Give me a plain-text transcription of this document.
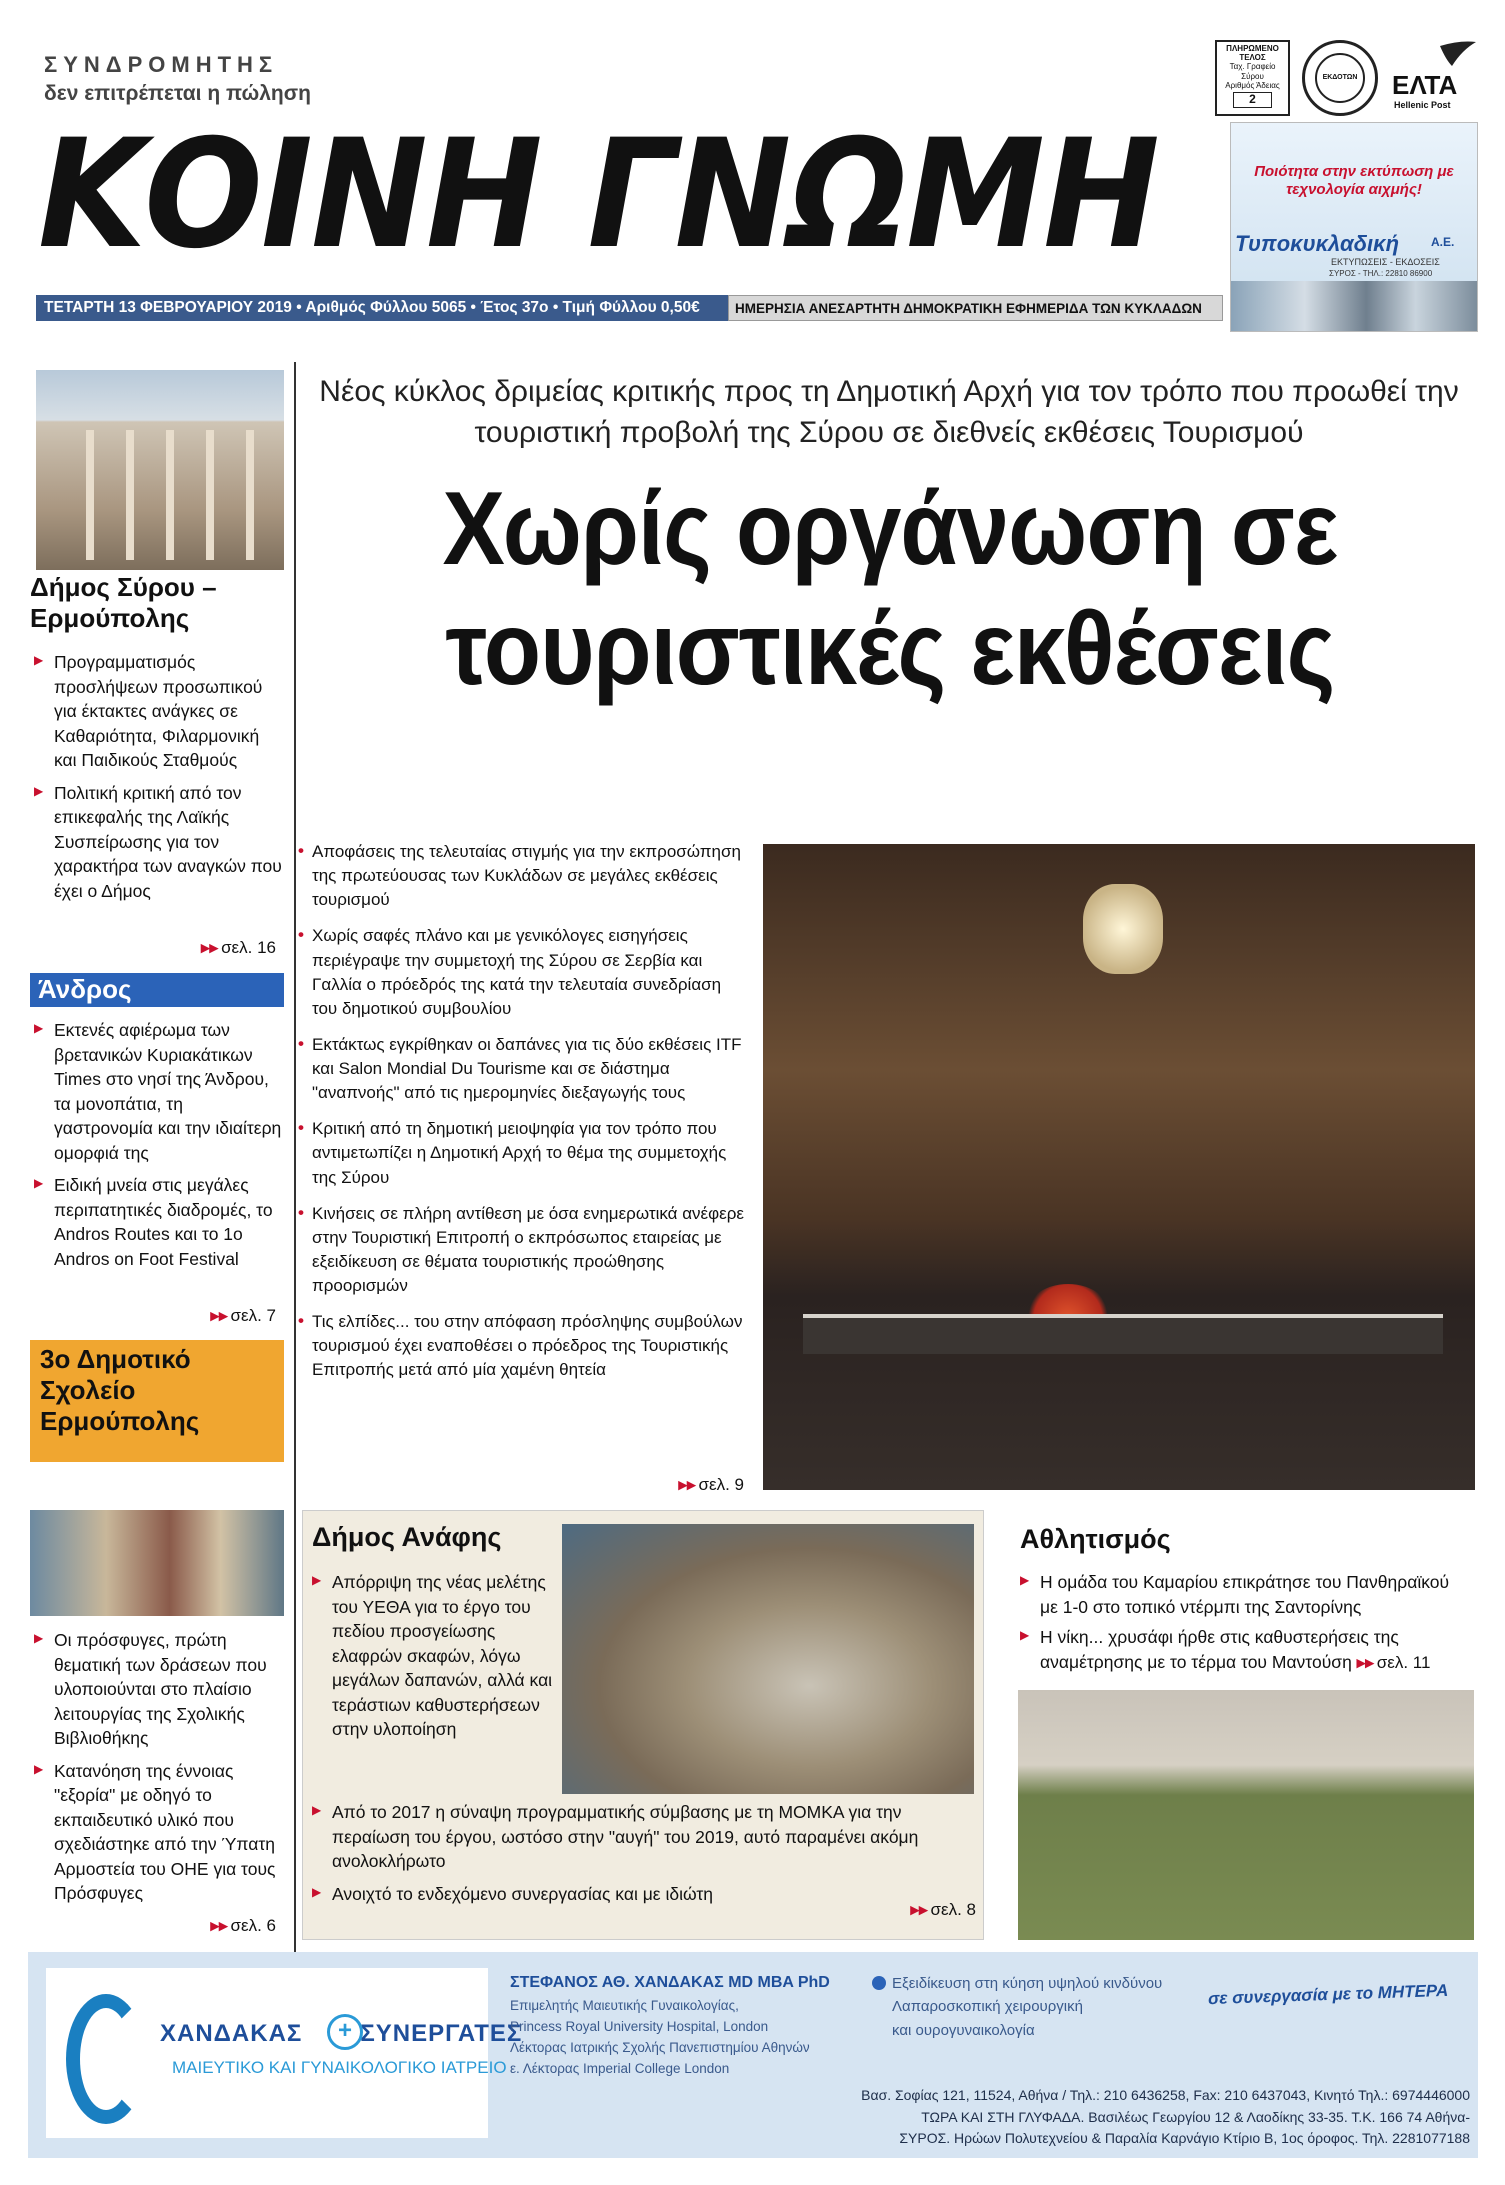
ΣΥΝΔΡΟΜΗΤΗΣ
δεν επιτρέπεται η πώληση
ΚΟΙΝΗ ΓΝΩΜΗ
ΠΛΗΡΩΜΕΝΟ ΤΕΛΟΣ
Ταχ. Γραφείο Σύρου
Αριθμός Άδειας
2
ΕΚΔΟΤΩΝ ΕΛΤΑ
Hellenic Post
Ποιότητα στην εκτύπωση με τεχνολογία αιχμής!
Τυποκυκλαδική	Α.Ε.
ΕΚΤΥΠΩΣΕΙΣ - ΕΚΔΟΣΕΙΣ
ΣΥΡΟΣ - ΤΗΛ.: 22810 86900
ΤΕΤΑΡΤΗ 13 ΦΕΒΡΟΥΑΡΙΟΥ 2019 • Αριθμός Φύλλου 5065 • Έτος 37ο • Τιμή Φύλλου 0,50€	ΗΜΕΡΗΣΙΑ ΑΝΕΣΑΡΤΗΤΗ ΔΗΜΟΚΡΑΤΙΚΗ ΕΦΗΜΕΡΙΔΑ ΤΩΝ ΚΥΚΛΑΔΩΝ
Δήμος Σύρου – Ερμούπολης
▶ Προγραμματισμός προσλήψεων προσωπικού για έκτακτες ανάγκες σε Καθαριότητα, Φιλαρμονική και Παιδικούς Σταθμούς
▶ Πολιτική κριτική από τον επικεφαλής της Λαϊκής Συσπείρωσης για τον χαρακτήρα των αναγκών που έχει ο Δήμος
▸▸ σελ. 16
Άνδρος
▶ Εκτενές αφιέρωμα των βρετανικών Κυριακάτικων Times στο νησί της Άνδρου, τα μονοπάτια, τη γαστρονομία και την ιδιαίτερη ομορφιά της
▶ Ειδική μνεία στις μεγάλες περιπατητικές διαδρομές, το Andros Routes και το 1o Andros on Foot Festival
▸▸ σελ. 7
3ο Δημοτικό Σχολείο Ερμούπολης
▶ Οι πρόσφυγες, πρώτη θεματική των δράσεων που υλοποιούνται στο πλαίσιο λειτουργίας της Σχολικής Βιβλιοθήκης
▶ Κατανόηση της έννοιας "εξορία" με οδηγό το εκπαιδευτικό υλικό που σχεδιάστηκε από την Ύπατη Αρμοστεία του ΟΗΕ για τους Πρόσφυγες
▸▸ σελ. 6
Νέος κύκλος δριμείας κριτικής προς τη Δημοτική Αρχή για τον τρόπο που προωθεί την τουριστική προβολή της Σύρου σε διεθνείς εκθέσεις Τουρισμού
Χωρίς οργάνωση σε τουριστικές εκθέσεις
• Αποφάσεις της τελευταίας στιγμής για την εκπροσώπηση της πρωτεύουσας των Κυκλάδων σε μεγάλες εκθέσεις τουρισμού
• Χωρίς σαφές πλάνο και με γενικόλογες εισηγήσεις περιέγραψε την συμμετοχή της Σύρου σε Σερβία και Γαλλία ο πρόεδρός της κατά την τελευταία συνεδρίαση του δημοτικού συμβουλίου
• Εκτάκτως εγκρίθηκαν οι δαπάνες για τις δύο εκθέσεις ITF και Salon Mondial Du Tourisme και σε διάστημα "αναπνοής" από τις ημερομηνίες διεξαγωγής τους
• Κριτική από τη δημοτική μειοψηφία για τον τρόπο που αντιμετωπίζει η Δημοτική Αρχή το θέμα της συμμετοχής της Σύρου
• Κινήσεις σε πλήρη αντίθεση με όσα ενημερωτικά ανέφερε στην Τουριστική Επιτροπή ο εκπρόσωπος εταιρείας με εξειδίκευση σε θέματα τουριστικής προώθησης προορισμών
• Τις ελπίδες... του στην απόφαση πρόσληψης συμβούλων τουρισμού έχει εναποθέσει ο πρόεδρος της Τουριστικής Επιτροπής μετά από μία χαμένη θητεία
▸▸ σελ. 9
Δήμος Ανάφης
▶ Απόρριψη της νέας μελέτης του ΥΕΘΑ για το έργο του πεδίου προσγείωσης ελαφρών σκαφών, λόγω μεγάλων δαπανών, αλλά και τεράστιων καθυστερήσεων στην υλοποίηση
▶ Από το 2017 η σύναψη προγραμματικής σύμβασης με τη ΜΟΜΚΑ για την περαίωση του έργου, ωστόσο στην "αυγή" του 2019, αυτό παραμένει ακόμη ανολοκλήρωτο
▶ Ανοιχτό το ενδεχόμενο συνεργασίας και με ιδιώτη
▸▸ σελ. 8
Αθλητισμός
▶ Η ομάδα του Καμαρίου επικράτησε του Πανθηραϊκού με 1-0 στο τοπικό ντέρμπι της Σαντορίνης
▶ Η νίκη... χρυσάφι ήρθε στις καθυστερήσεις της αναμέτρησης με το τέρμα του Μαντούση ▸▸ σελ. 11
ΧΑΝΔΑΚΑΣ ΣΥΝΕΡΓΑΤΕΣ
+
ΜΑΙΕΥΤΙΚΟ ΚΑΙ ΓΥΝΑΙΚΟΛΟΓΙΚΟ ΙΑΤΡΕΙΟ
ΣΤΕΦΑΝΟΣ ΑΘ. ΧΑΝΔΑΚΑΣ MD MBA PhD
Επιμελητής Μαιευτικής Γυναικολογίας,
Princess Royal University Hospital, London
Λέκτορας Ιατρικής Σχολής Πανεπιστημίου Αθηνών
ε. Λέκτορας Imperial College London
Εξειδίκευση στη κύηση υψηλού κινδύνου
Λαπαροσκοπική χειρουργική
και ουρογυναικολογία
σε συνεργασία με το ΜΗΤΕΡΑ
Βασ. Σοφίας 121, 11524, Αθήνα / Τηλ.: 210 6436258, Fax: 210 6437043, Κινητό Τηλ.: 6974446000
ΤΩΡΑ ΚΑΙ ΣΤΗ ΓΛΥΦΑΔΑ. Βασιλέως Γεωργίου 12 & Λαοδίκης 33-35. Τ.Κ. 166 74 Αθήνα-
ΣΥΡΟΣ. Ηρώων Πολυτεχνείου & Παραλία Καρνάγιο Κτίριο Β, 1ος όροφος. Τηλ. 2281077188
